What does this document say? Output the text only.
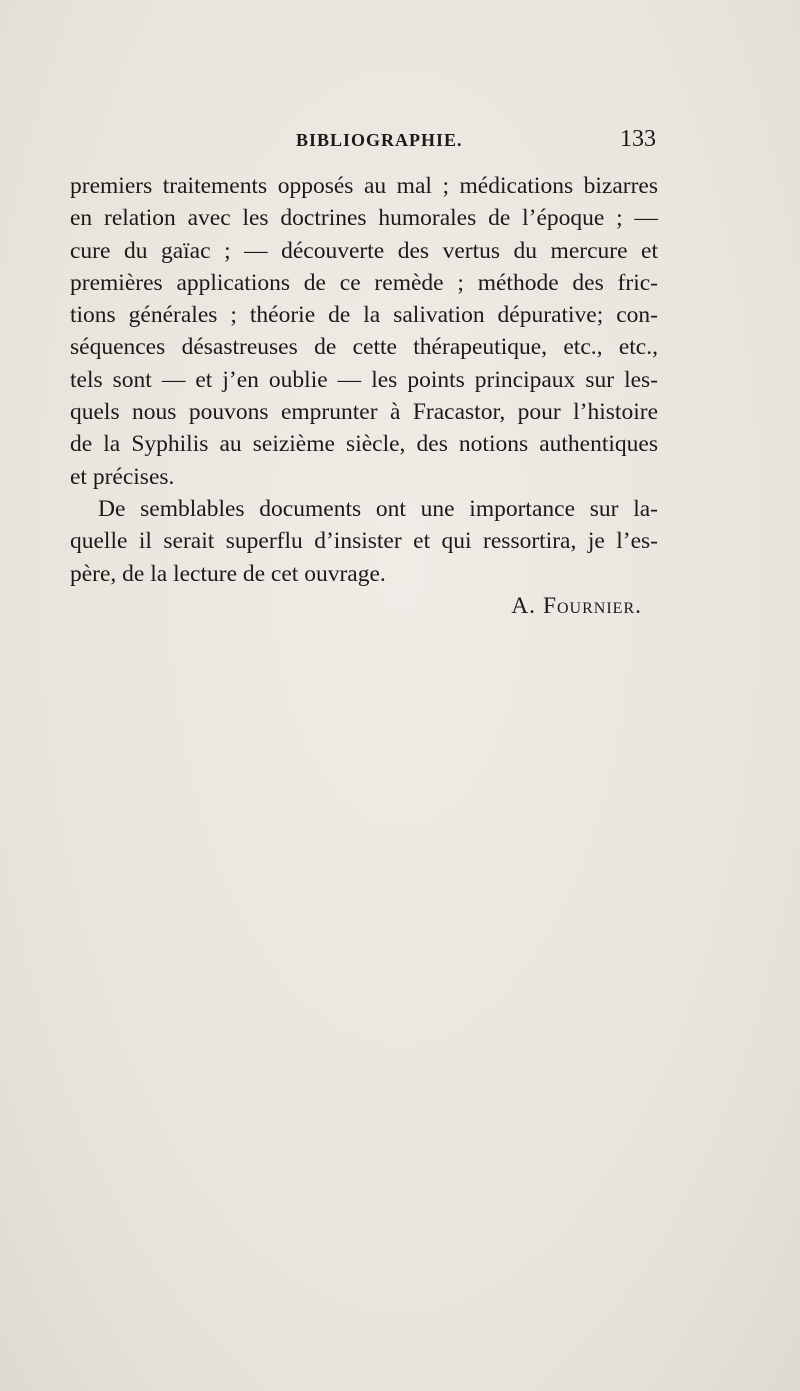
BIBLIOGRAPHIE.	133
premiers traitements opposés au mal ; médications bizarres
en relation avec les doctrines humorales de l’époque ; —
cure du gaïac ; — découverte des vertus du mercure et
premières applications de ce remède ; méthode des fric-
tions générales ; théorie de la salivation dépurative; con-
séquences désastreuses de cette thérapeutique, etc., etc.,
tels sont — et j’en oublie — les points principaux sur les-
quels nous pouvons emprunter à Fracastor, pour l’histoire
de la Syphilis au seizième siècle, des notions authentiques
et précises.
De semblables documents ont une importance sur la-
quelle il serait superflu d’insister et qui ressortira, je l’es-
père, de la lecture de cet ouvrage.
A. Fournier.
